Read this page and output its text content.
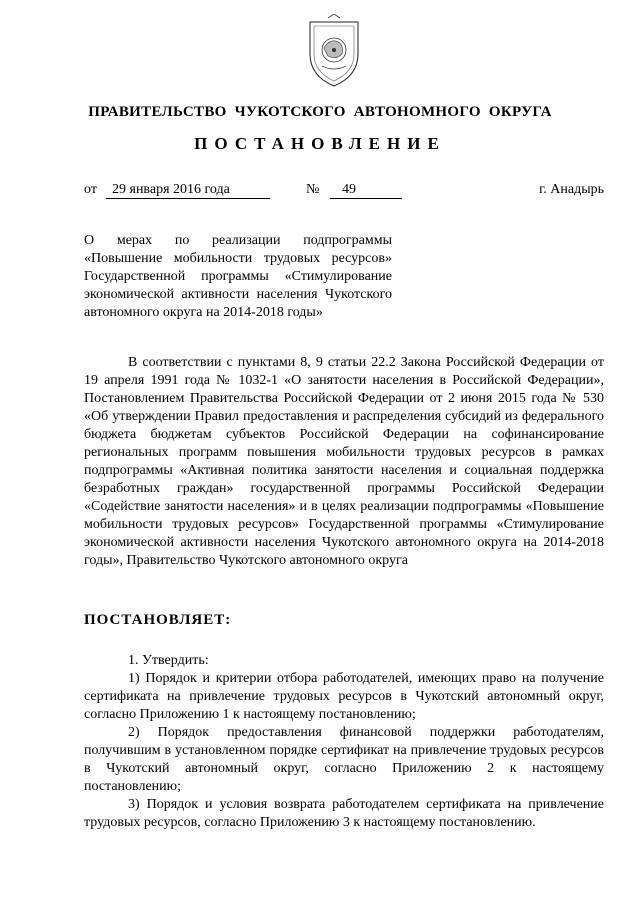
ПРАВИТЕЛЬСТВО ЧУКОТСКОГО АВТОНОМНОГО ОКРУГА
ПОСТАНОВЛЕНИЕ
от	29 января 2016 года	№	49	г. Анадырь

О мерах по реализации подпрограммы «Повышение мобильности трудовых ресурсов» Государственной программы «Стимулирование экономической активности населения Чукотского автономного округа на 2014-2018 годы»

В соответствии с пунктами 8, 9 статьи 22.2 Закона Российской Федерации от 19 апреля 1991 года № 1032-1 «О занятости населения в Российской Федерации», Постановлением Правительства Российской Федерации от 2 июня 2015 года № 530 «Об утверждении Правил предоставления и распределения субсидий из федерального бюджета бюджетам субъектов Российской Федерации на софинансирование региональных программ повышения мобильности трудовых ресурсов в рамках подпрограммы «Активная политика занятости населения и социальная поддержка безработных граждан» государственной программы Российской Федерации «Содействие занятости населения» и в целях реализации подпрограммы «Повышение мобильности трудовых ресурсов» Государственной программы «Стимулирование экономической активности населения Чукотского автономного округа на 2014-2018 годы», Правительство Чукотского автономного округа

ПОСТАНОВЛЯЕТ:

1. Утвердить:

1) Порядок и критерии отбора работодателей, имеющих право на получение сертификата на привлечение трудовых ресурсов в Чукотский автономный округ, согласно Приложению 1 к настоящему постановлению;

2) Порядок предоставления финансовой поддержки работодателям, получившим в установленном порядке сертификат на привлечение трудовых ресурсов в Чукотский автономный округ, согласно Приложению 2 к настоящему постановлению;

3) Порядок и условия возврата работодателем сертификата на привлечение трудовых ресурсов, согласно Приложению 3 к настоящему постановлению.
